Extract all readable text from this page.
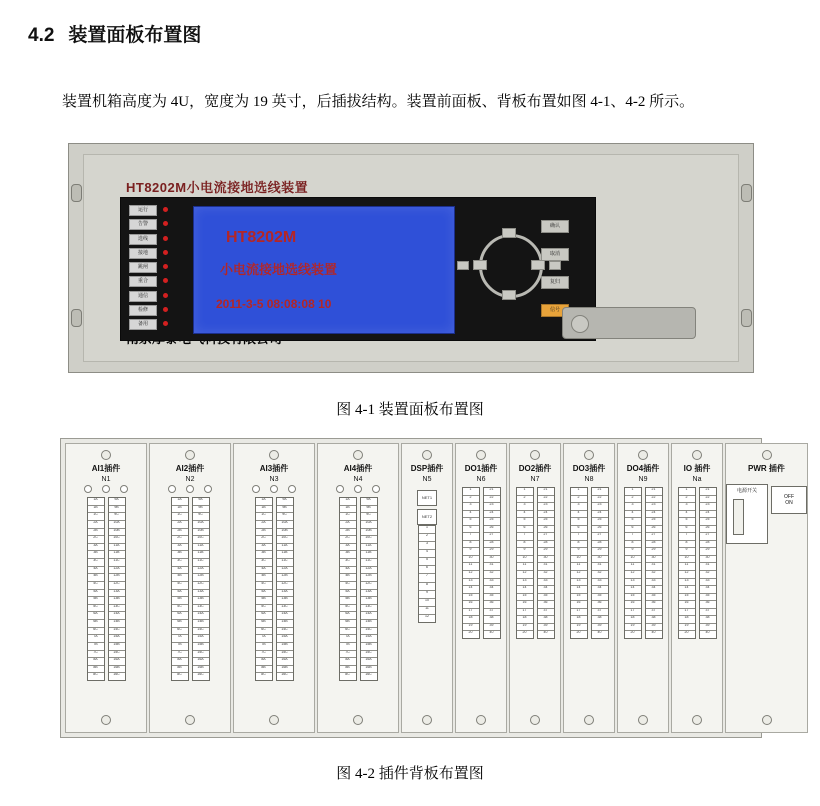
4.2 装置面板布置图
装置机箱高度为 4U，宽度为 19 英寸，后插拔结构。装置前面板、背板布置如图 4-1、4-2 所示。
HT8202M小电流接地选线装置
运行
告警
选线
接地
跳闸
重合
通信
检修
备用
HT8202M
小电流接地选线装置
2011-3-5 08:08:08 10
确认
取消
复归
信号
图 4-1 装置面板布置图
AI1插件
N1
1A
1B
1C
2A
2B
2C
3A
3B
3C
4A
4B
4C
5A
5B
5C
6A
6B
6C
7A
7B
7C
8A
8B
8C
9A
9B
9C
10A
10B
10C
11A
11B
11C
12A
12B
12C
13A
13B
13C
14A
14B
14C
15A
15B
15C
16A
16B
16C
AI2插件
N2
1A
1B
1C
2A
2B
2C
3A
3B
3C
4A
4B
4C
5A
5B
5C
6A
6B
6C
7A
7B
7C
8A
8B
8C
9A
9B
9C
10A
10B
10C
11A
11B
11C
12A
12B
12C
13A
13B
13C
14A
14B
14C
15A
15B
15C
16A
16B
16C
AI3插件
N3
1A
1B
1C
2A
2B
2C
3A
3B
3C
4A
4B
4C
5A
5B
5C
6A
6B
6C
7A
7B
7C
8A
8B
8C
9A
9B
9C
10A
10B
10C
11A
11B
11C
12A
12B
12C
13A
13B
13C
14A
14B
14C
15A
15B
15C
16A
16B
16C
AI4插件
N4
1A
1B
1C
2A
2B
2C
3A
3B
3C
4A
4B
4C
5A
5B
5C
6A
6B
6C
7A
7B
7C
8A
8B
8C
9A
9B
9C
10A
10B
10C
11A
11B
11C
12A
12B
12C
13A
13B
13C
14A
14B
14C
15A
15B
15C
16A
16B
16C
DSP插件
N5
NET1
NET2
1
2
3
4
5
6
7
8
9
10
11
12
DO1插件
N6
1
2
3
4
5
6
7
8
9
10
11
12
13
14
15
16
17
18
19
20
21
22
23
24
25
26
27
28
29
30
31
32
33
34
35
36
37
38
39
40
DO2插件
N7
1
2
3
4
5
6
7
8
9
10
11
12
13
14
15
16
17
18
19
20
21
22
23
24
25
26
27
28
29
30
31
32
33
34
35
36
37
38
39
40
DO3插件
N8
1
2
3
4
5
6
7
8
9
10
11
12
13
14
15
16
17
18
19
20
21
22
23
24
25
26
27
28
29
30
31
32
33
34
35
36
37
38
39
40
DO4插件
N9
1
2
3
4
5
6
7
8
9
10
11
12
13
14
15
16
17
18
19
20
21
22
23
24
25
26
27
28
29
30
31
32
33
34
35
36
37
38
39
40
IO 插件
Na
1
2
3
4
5
6
7
8
9
10
11
12
13
14
15
16
17
18
19
20
21
22
23
24
25
26
27
28
29
30
31
32
33
34
35
36
37
38
39
40
PWR 插件
电源开关
OFF
ON
图 4-2 插件背板布置图
